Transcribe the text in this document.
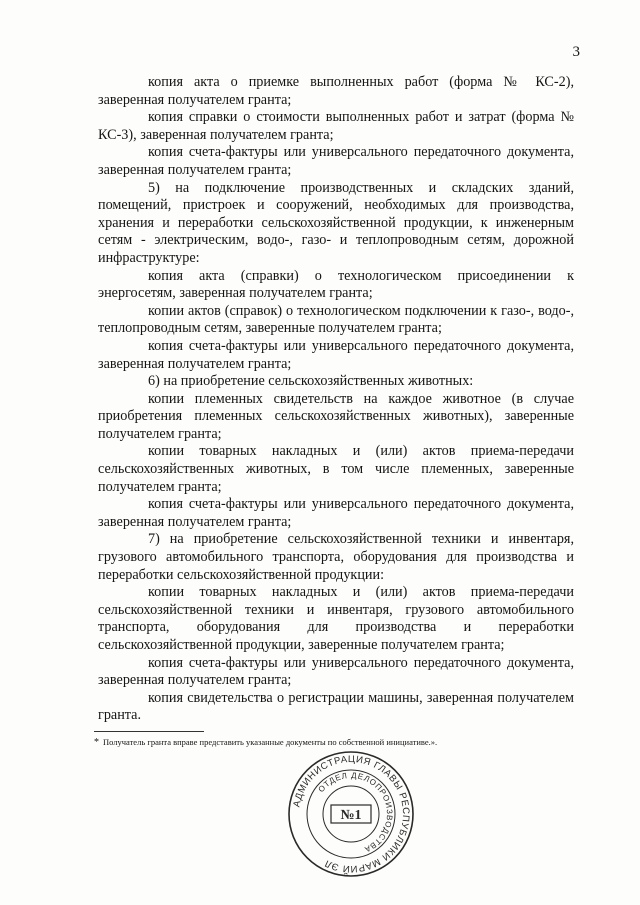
3

копия акта о приемке выполненных работ (форма № КС-2), заверенная получателем гранта;

копия справки о стоимости выполненных работ и затрат (форма № КС-3), заверенная получателем гранта;

копия счета-фактуры или универсального передаточного документа, заверенная получателем гранта;

5) на подключение производственных и складских зданий, помещений, пристроек и сооружений, необходимых для производства, хранения и переработки сельскохозяйственной продукции, к инженерным сетям - электрическим, водо-, газо- и теплопроводным сетям, дорожной инфраструктуре:

копия акта (справки) о технологическом присоединении к энергосетям, заверенная получателем гранта;

копии актов (справок) о технологическом подключении к газо-, водо-, теплопроводным сетям, заверенные получателем гранта;

копия счета-фактуры или универсального передаточного документа, заверенная получателем гранта;

6) на приобретение сельскохозяйственных животных:

копии племенных свидетельств на каждое животное (в случае приобретения племенных сельскохозяйственных животных), заверенные получателем гранта;

копии товарных накладных и (или) актов приема-передачи сельскохозяйственных животных, в том числе племенных, заверенные получателем гранта;

копия счета-фактуры или универсального передаточного документа, заверенная получателем гранта;

7) на приобретение сельскохозяйственной техники и инвентаря, грузового автомобильного транспорта, оборудования для производства и переработки сельскохозяйственной продукции:

копии товарных накладных и (или) актов приема-передачи сельскохозяйственной техники и инвентаря, грузового автомобильного транспорта, оборудования для производства и переработки сельскохозяйственной продукции, заверенные получателем гранта;

копия счета-фактуры или универсального передаточного документа, заверенная получателем гранта;

копия свидетельства о регистрации машины, заверенная получателем гранта.

* Получатель гранта вправе представить указанные документы по собственной инициативе.».
АДМИНИСТРАЦИЯ ГЛАВЫ РЕСПУБЛИКИ МАРИЙ ЭЛ
ОТДЕЛ ДЕЛОПРОИЗВОДСТВА
№1
